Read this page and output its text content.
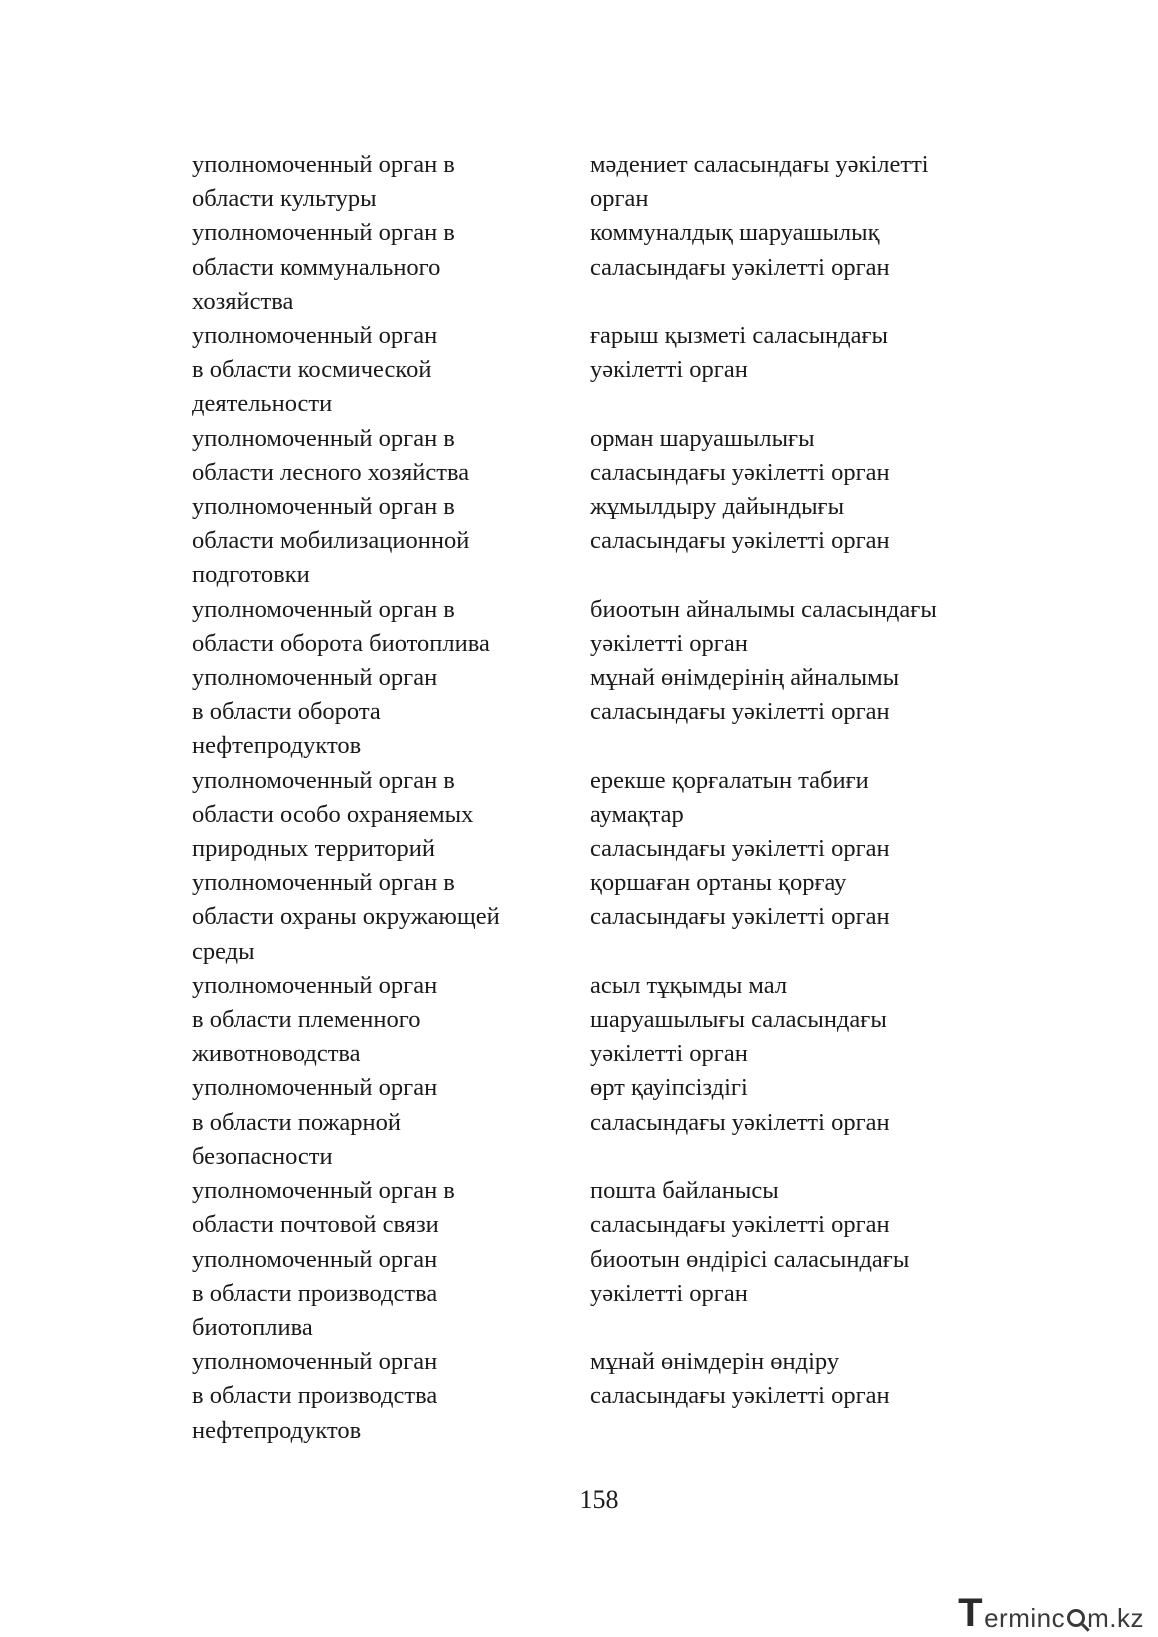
уполномоченный орган в
области культуры
мәдениет саласындағы уәкілетті
орган
уполномоченный орган в
области коммунального
хозяйства
коммуналдық шаруашылық
саласындағы уәкілетті орган
уполномоченный орган
в области космической
деятельности
ғарыш қызметі саласындағы
уәкілетті орган
уполномоченный орган в
области лесного хозяйства
орман шаруашылығы
саласындағы уәкілетті орган
уполномоченный орган в
области мобилизационной
подготовки
жұмылдыру дайындығы
саласындағы уәкілетті орган
уполномоченный орган в
области оборота биотоплива
биоотын айналымы саласындағы
уәкілетті орган
уполномоченный орган
в области оборота
нефтепродуктов
мұнай өнімдерінің айналымы
саласындағы уәкілетті орган
уполномоченный орган в
области особо охраняемых
природных территорий
ерекше қорғалатын табиғи
аумақтар
саласындағы уәкілетті орган
уполномоченный орган в
области охраны окружающей
среды
қоршаған ортаны қорғау
саласындағы уәкілетті орган
уполномоченный орган
в области племенного
животноводства
асыл тұқымды мал
шаруашылығы саласындағы
уәкілетті орган
уполномоченный орган
в области пожарной
безопасности
өрт қауіпсіздігі
саласындағы уәкілетті орган
уполномоченный орган в
области почтовой связи
пошта байланысы
саласындағы уәкілетті орган
уполномоченный орган
в области производства
биотоплива
биоотын өндірісі саласындағы
уәкілетті орган
уполномоченный орган
в области производства
нефтепродуктов
мұнай өнімдерін өндіру
саласындағы уәкілетті орган
158
T erminc m.kz
